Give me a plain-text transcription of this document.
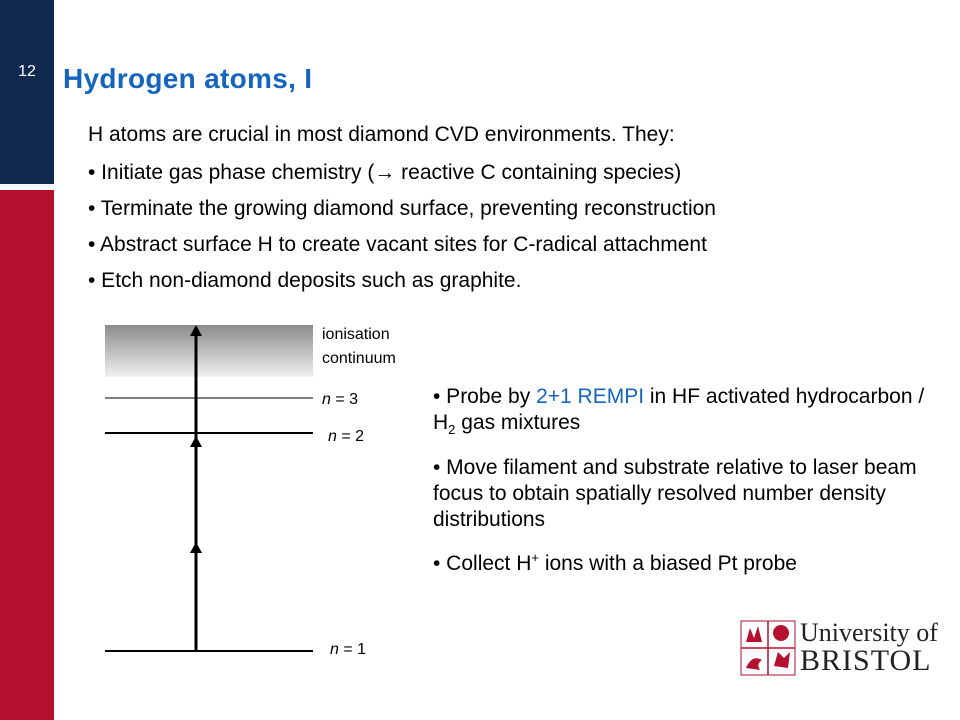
12 Hydrogen atoms, I
H atoms are crucial in most diamond CVD environments. They:
• Initiate gas phase chemistry (→ reactive C containing species)
• Terminate the growing diamond surface, preventing reconstruction
• Abstract surface H to create vacant sites for C-radical attachment
• Etch non-diamond deposits such as graphite.
ionisation
continuum
n = 3
n = 2
n = 1
• Probe by 2+1 REMPI in HF activated hydrocarbon / $H_2$ gas mixtures
• Move filament and substrate relative to laser beam focus to obtain spatially resolved number density distributions
• Collect H+ ions with a biased Pt probe
University of
BRISTOL
